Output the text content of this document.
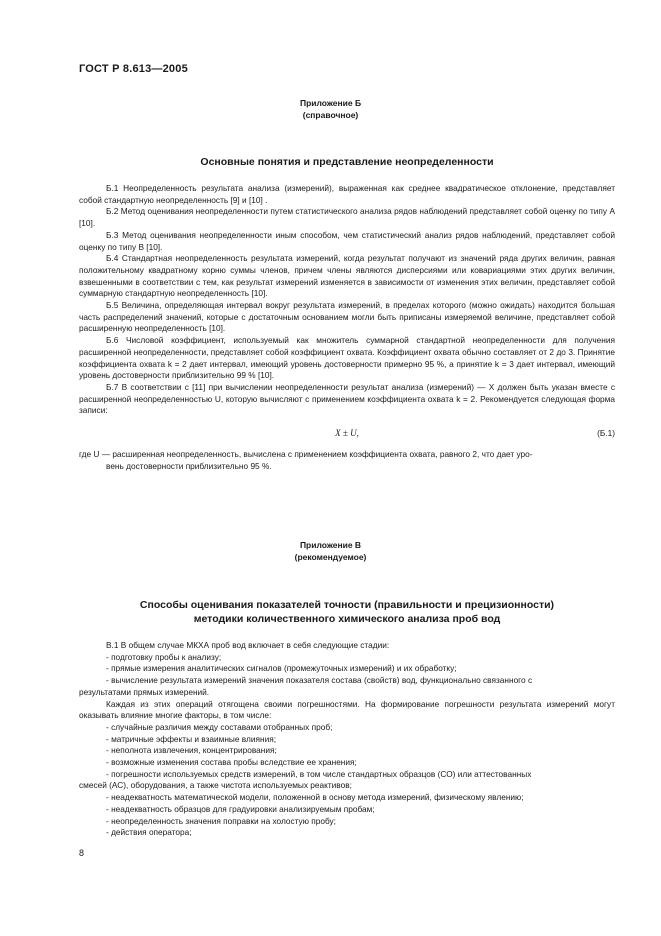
ГОСТ Р 8.613—2005
Приложение Б
(справочное)
Основные понятия и представление неопределенности

Б.1 Неопределенность результата анализа (измерений), выраженная как среднее квадратическое отклонение, представляет собой стандартную неопределенность [9] и [10] .

Б.2 Метод оценивания неопределенности путем статистического анализа рядов наблюдений представляет собой оценку по типу А [10].

Б.3 Метод оценивания неопределенности иным способом, чем статистический анализ рядов наблюдений, представляет собой оценку по типу В [10].

Б.4 Стандартная неопределенность результата измерений, когда результат получают из значений ряда других величин, равная положительному квадратному корню суммы членов, причем члены являются дисперсиями или ковариациями этих других величин, взвешенными в соответствии с тем, как результат измерений изменяется в зависимости от изменения этих величин, представляет собой суммарную стандартную неопределенность [10].

Б.5 Величина, определяющая интервал вокруг результата измерений, в пределах которого (можно ожидать) находится большая часть распределений значений, которые с достаточным основанием могли быть приписаны измеряемой величине, представляет собой расширенную неопределенность [10].

Б.6 Числовой коэффициент, используемый как множитель суммарной стандартной неопределенности для получения расширенной неопределенности, представляет собой коэффициент охвата. Коэффициент охвата обычно составляет от 2 до 3. Принятие коэффициента охвата k = 2 дает интервал, имеющий уровень достоверности примерно 95 %, а принятие k = 3 дает интервал, имеющий уровень достоверности приблизительно 99 % [10].

Б.7 В соответствии с [11] при вычислении неопределенности результат анализа (измерений) — X должен быть указан вместе с расширенной неопределенностью U, которую вычисляют с применением коэффициента охвата k = 2. Рекомендуется следующая форма записи:

X ± U,	(Б.1)
где U — расширенная неопределенность, вычислена с применением коэффициента охвата, равного 2, что дает уро-
вень достоверности приблизительно 95 %.
Приложение В
(рекомендуемое)
Способы оценивания показателей точности (правильности и прецизионности)
методики количественного химического анализа проб вод

В.1 В общем случае МКХА проб вод включает в себя следующие стадии:

- подготовку пробы к анализу;

- прямые измерения аналитических сигналов (промежуточных измерений) и их обработку;

- вычисление результата измерений значения показателя состава (свойств) вод, функционально связанного с

результатами прямых измерений.

Каждая из этих операций отягощена своими погрешностями. На формирование погрешности результата измерений могут оказывать влияние многие факторы, в том числе:

- случайные различия между составами отобранных проб;

- матричные эффекты и взаимные влияния;

- неполнота извлечения, концентрирования;

- возможные изменения состава пробы вследствие ее хранения;

- погрешности используемых средств измерений, в том числе стандартных образцов (СО) или аттестованных

смесей (АС), оборудования, а также чистота используемых реактивов;

- неадекватность математической модели, положенной в основу метода измерений, физическому явлению;

- неадекватность образцов для градуировки анализируемым пробам;

- неопределенность значения поправки на холостую пробу;

- действия оператора;

8
